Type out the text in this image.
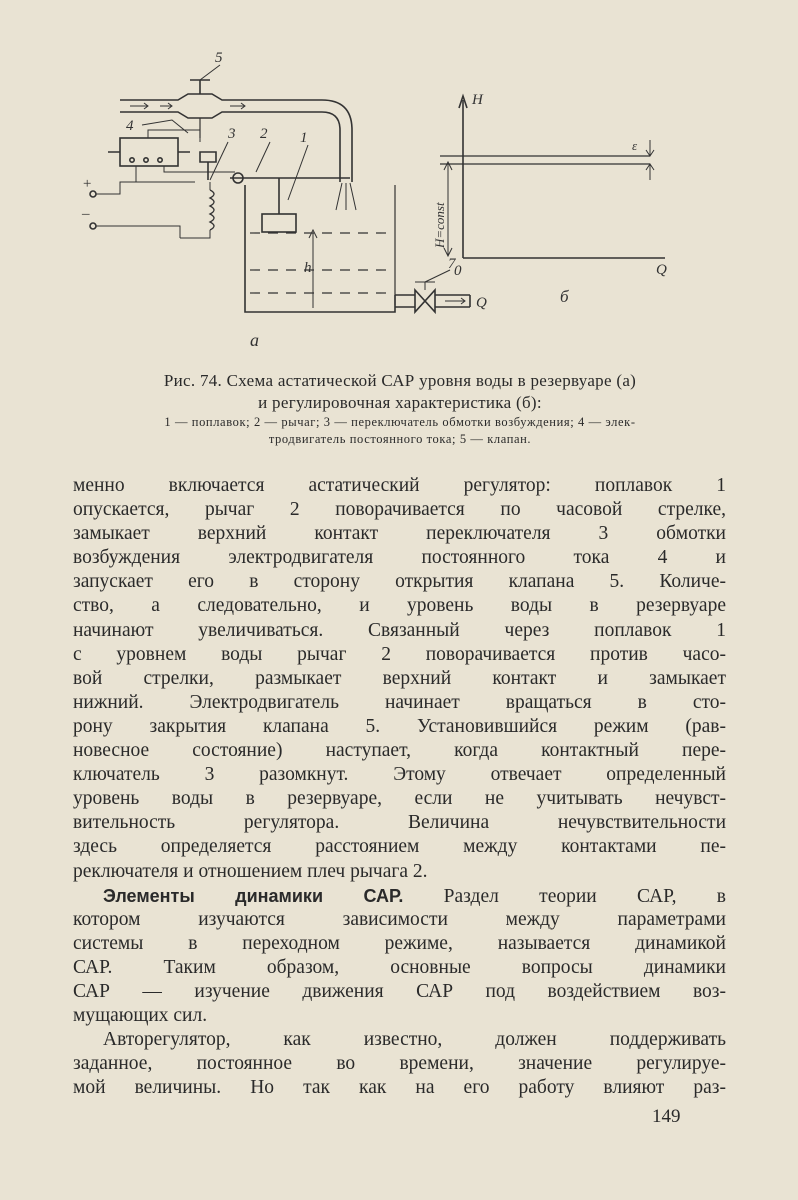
5
4	3 2 1
7
+
–
h
Q
а
б
H
Q
0
ε
H=const
Рис. 74. Схема астатической САР уровня воды в резервуаре (а)
и регулировочная характеристика (б):
1 — поплавок; 2 — рычаг; 3 — переключатель обмотки возбуждения; 4 — элек-
тродвигатель постоянного тока; 5 — клапан.
менно включается астатический регулятор: поплавок 1
опускается, рычаг 2 поворачивается по часовой стрелке,
замыкает верхний контакт переключателя 3 обмотки
возбуждения электродвигателя постоянного тока 4 и
запускает его в сторону открытия клапана 5. Количе-
ство, а следовательно, и уровень воды в резервуаре
начинают увеличиваться. Связанный через поплавок 1
с уровнем воды рычаг 2 поворачивается против часо-
вой стрелки, размыкает верхний контакт и замыкает
нижний. Электродвигатель начинает вращаться в сто-
рону закрытия клапана 5. Установившийся режим (рав-
новесное состояние) наступает, когда контактный пере-
ключатель 3 разомкнут. Этому отвечает определенный
уровень воды в резервуаре, если не учитывать нечувст-
вительность регулятора. Величина нечувствительности
здесь определяется расстоянием между контактами пе-
реключателя и отношением плеч рычага 2.
Элементы динамики САР. Раздел теории САР, в
котором изучаются зависимости между параметрами
системы в переходном режиме, называется динамикой
САР. Таким образом, основные вопросы динамики
САР — изучение движения САР под воздействием воз-
мущающих сил.
Авторегулятор, как известно, должен поддерживать
заданное, постоянное во времени, значение регулируе-
мой величины. Но так как на его работу влияют раз-
149
